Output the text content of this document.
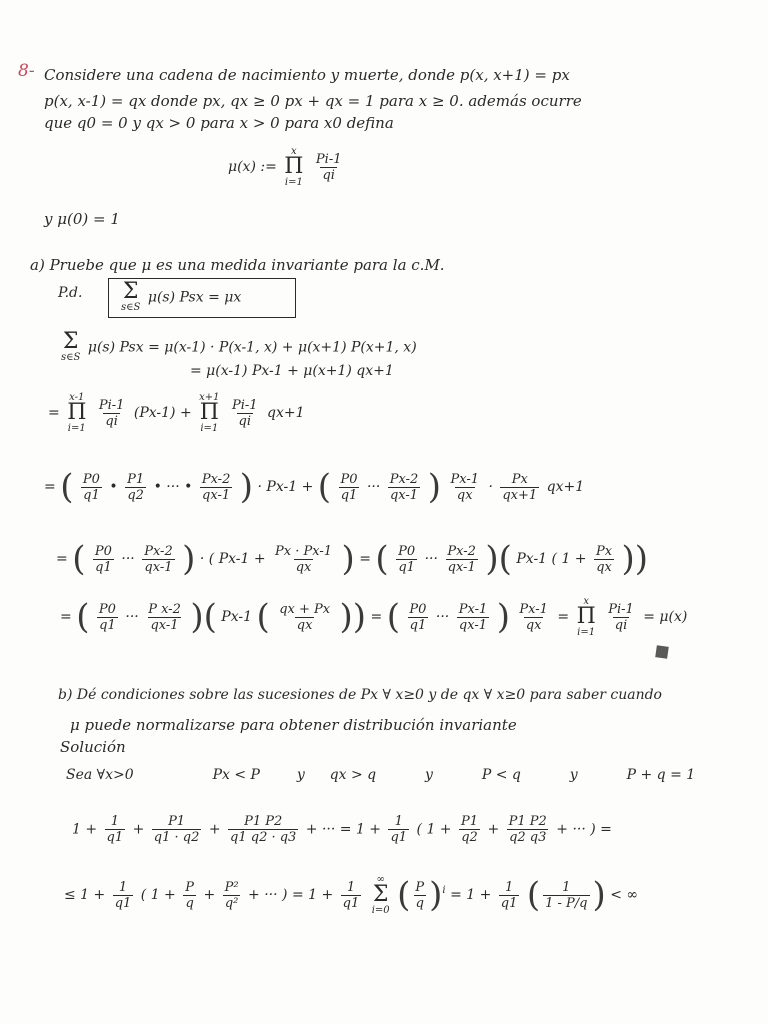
8- Considere una cadena de nacimiento y muerte, donde p(x, x+1) = px
p(x, x-1) = qx donde px, qx ≥ 0 px + qx = 1 para x ≥ 0. además ocurre
que q0 = 0 y qx > 0 para x > 0 para x0 defina
μ(x) :=
x
Π
i=1
$\frac{Pi-1}{qi}$
y μ(0) = 1
a) Pruebe que μ es una medida invariante para la c.M.
P.d. Σ
s∈S
μ(s) Psx = μx
Σ
s∈S
μ(s) Psx = μ(x-1) · P(x-1, x) + μ(x+1) P(x+1, x)
= μ(x-1) Px-1 + μ(x+1) qx+1
=
x-1
Π
i=1
$\frac{Pi-1}{qi} (Px-1)$ +
x+1
Π
i=1
$\frac{Pi-1}{qi} qx+1$
= ( $\frac{P0}{q1}$ • $\frac{P1}{q2}$ • ··· • $\frac{Px-2}{qx-1}$ ) · Px-1 + ( $\frac{P0}{q1}$ ··· $\frac{Px-2}{qx-1}$ ) $\frac{Px-1}{qx} \cdot \frac{Px}{qx+1} qx+1$
= ( $\frac{P0}{q1}$ ··· $\frac{Px-2}{qx-1}$ ) · ( $Px-1 + \frac{Px \cdot Px-1}{qx}$ ) = ( $\frac{P0}{q1}$ ··· $\frac{Px-2}{qx-1}$ )( Px-1 ( $1 + \frac{Px}{qx}$ ))
= ( $\frac{P0}{q1}$ ··· $\frac{\text{P x-2}}{qx-1}$ )( Px-1 ( $\frac{qx + Px}{qx}$ )) = ( $\frac{P0}{q1}$ ··· $\frac{Px-1}{qx-1}$ ) $\frac{Px-1}{qx}$ =
x
Π
i=1
$\frac{Pi-1}{qi} = \mu(x)$
b) Dé condiciones sobre las sucesiones de Px ∀ x≥0 y de qx ∀ x≥0 para saber cuando
μ puede normalizarse para obtener distribución invariante
Solución
Sea ∀x>0	Px < P	y qx > q	y	P < q	y	P + q = 1
$1 + \frac{1}{q1} + \frac{P1}{q1 \cdot q2} + \frac{P1 P2}{q1 q2 \cdot q3}$ + ··· = $1 + \frac{1}{q1}$ ( $1 + \frac{P1}{q2} + \frac{P1 P2}{q2 q3}$ + ··· ) =
≤ $1 + \frac{1}{q1}$ ( $1 + \frac{P}{q} + \frac{\text{P²}}{\text{q²}}$ + ··· ) = $1 + \frac{1}{q1}$
∞
Σ
i=0 ( $\frac{P}{q} )^i = 1 + \frac{1}{q1}$ ( $\frac{1}{1 - P/q}$ ) < ∞
